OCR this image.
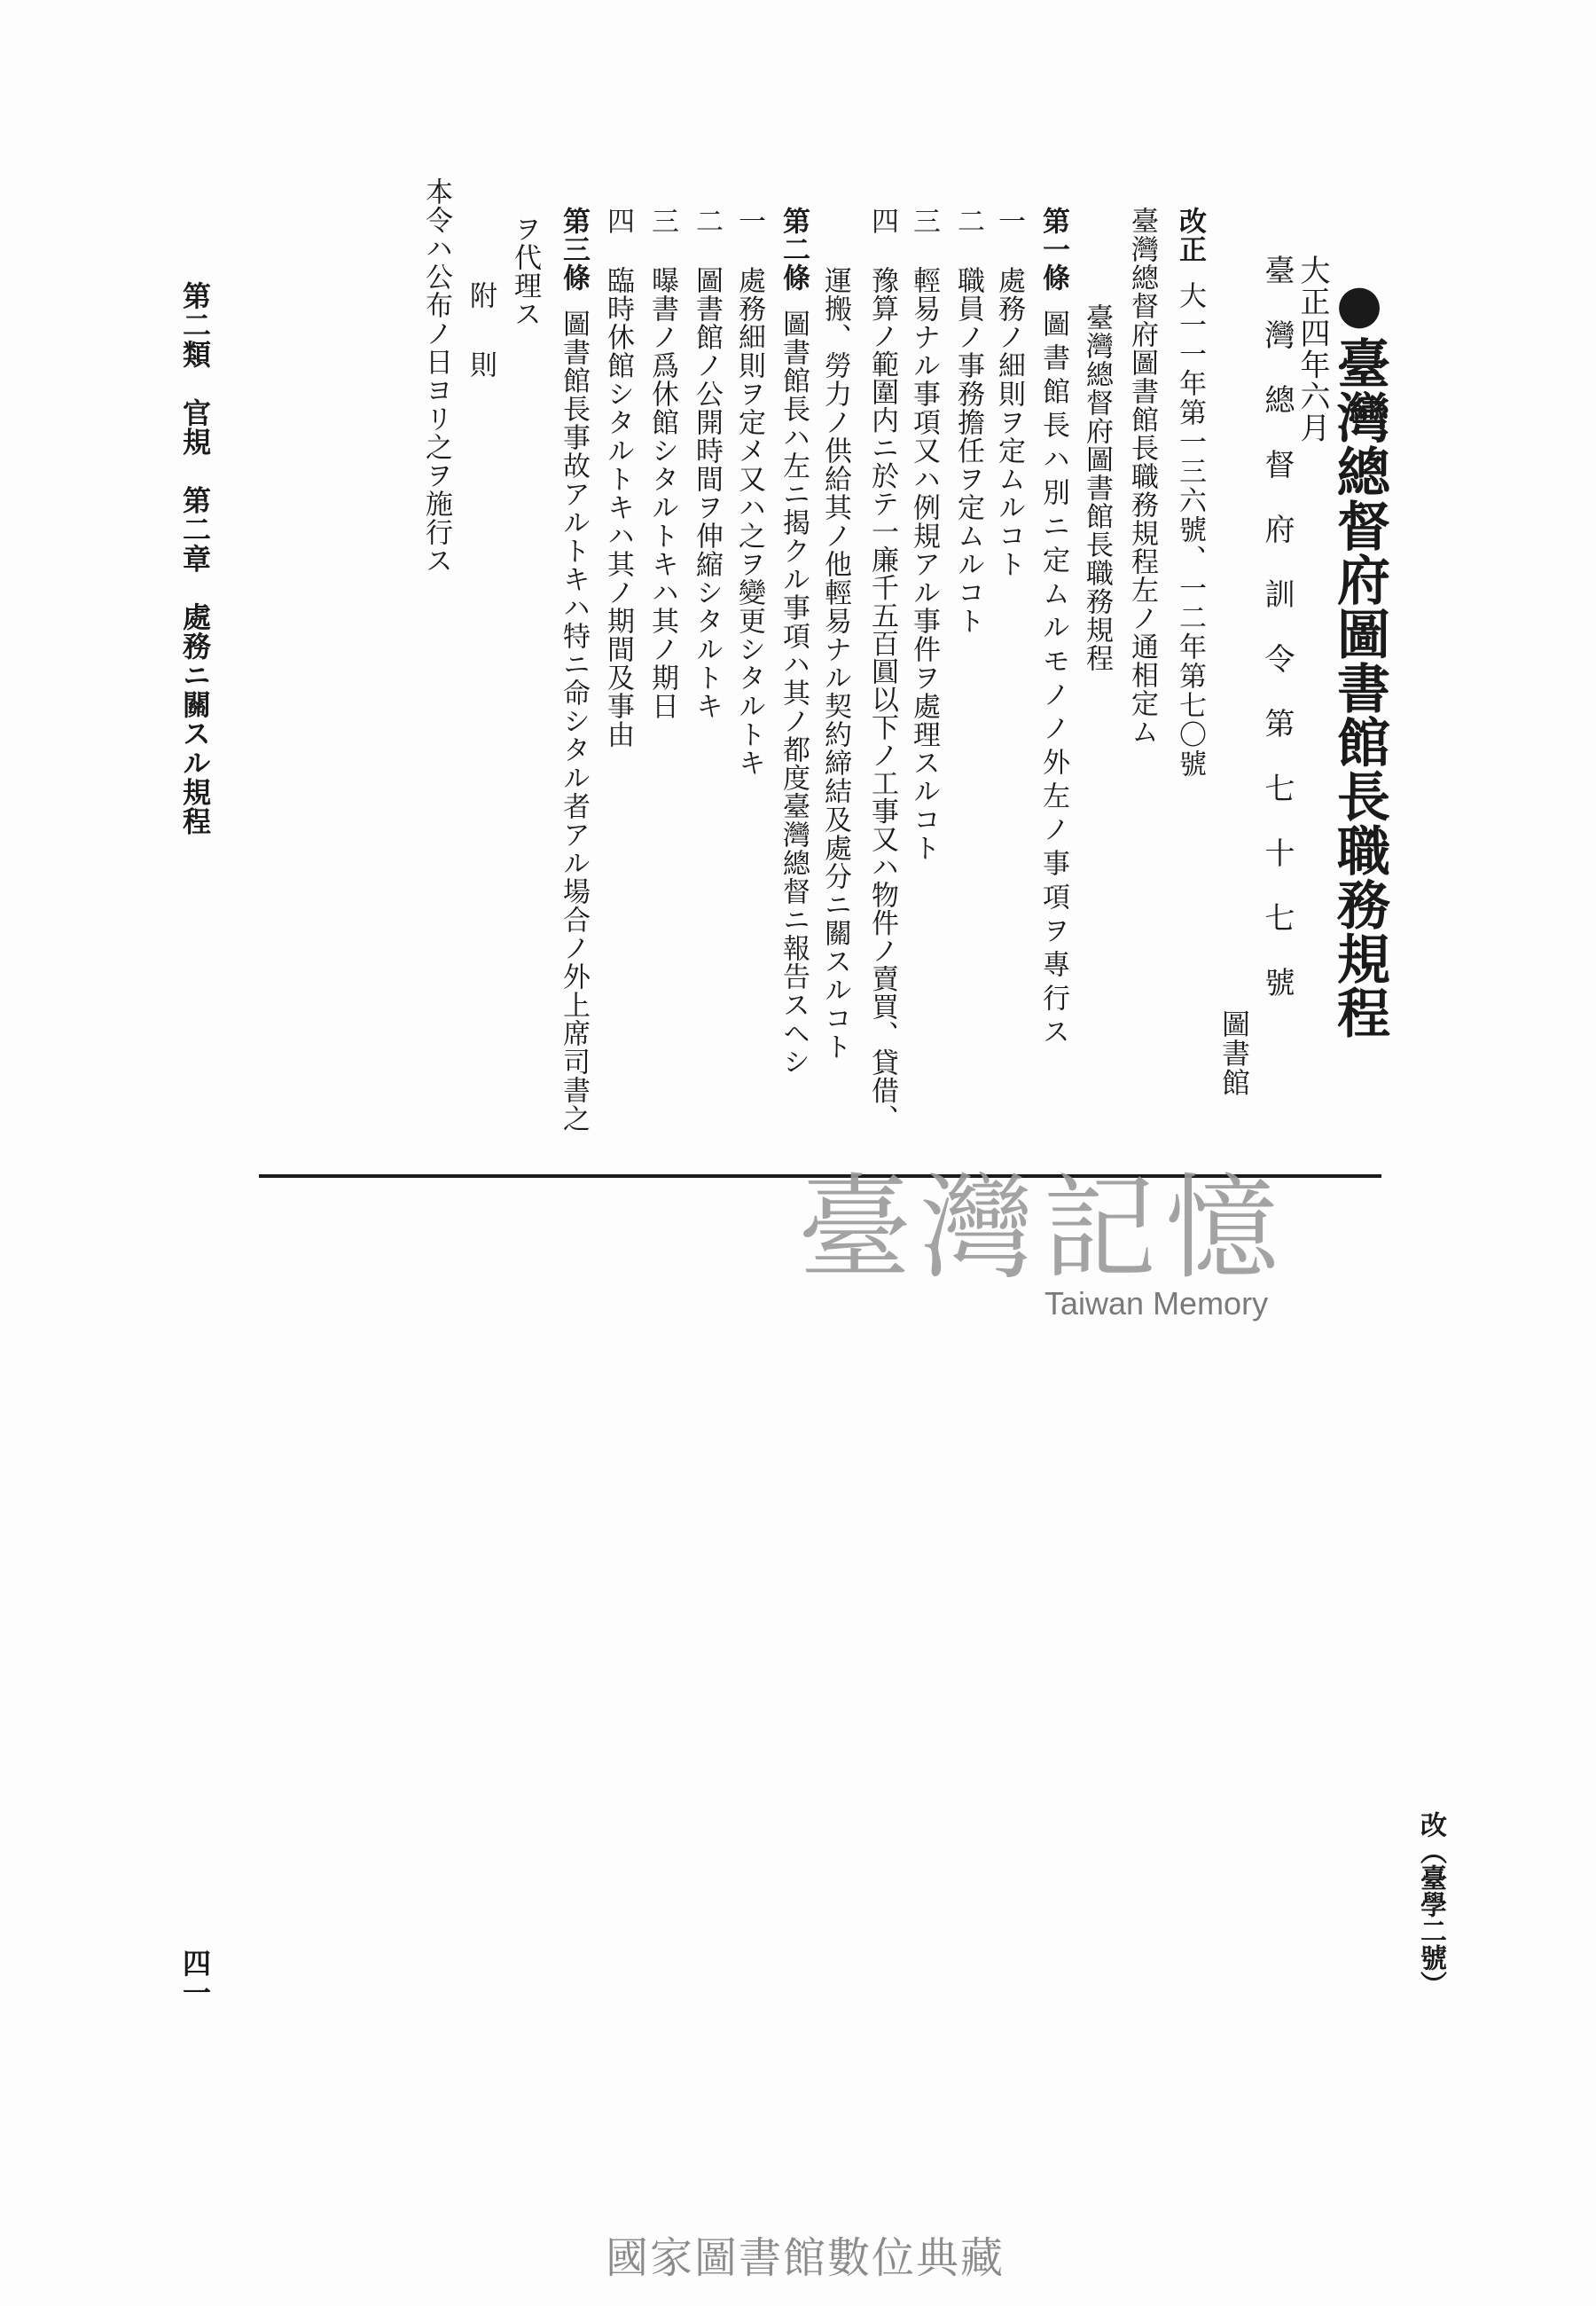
●臺灣總督府圖書館長職務規程
大正四年六月
臺灣總督府訓令第七十七號
圖書館
改正大一一年第一三六號、一二年第七〇號
臺灣總督府圖書館長職務規程左ノ通相定ム
臺灣總督府圖書館長職務規程
第一條圖書館長ハ別ニ定ムルモノノ外左ノ事項ヲ專行ス
一處務ノ細則ヲ定ムルコト
二職員ノ事務擔任ヲ定ムルコト
三輕易ナル事項又ハ例規アル事件ヲ處理スルコト
四豫算ノ範圍内ニ於テ一廉千五百圓以下ノ工事又ハ物件ノ賣買、貸借、
運搬、勞力ノ供給其ノ他輕易ナル契約締結及處分ニ關スルコト
第二條圖書館長ハ左ニ揭クル事項ハ其ノ都度臺灣總督ニ報告スヘシ
一處務細則ヲ定メ又ハ之ヲ變更シタルトキ
二圖書館ノ公開時間ヲ伸縮シタルトキ
三曝書ノ爲休館シタルトキハ其ノ期日
四臨時休館シタルトキハ其ノ期間及事由
第三條圖書館長事故アルトキハ特ニ命シタル者アル場合ノ外上席司書之
ヲ代理ス
附　則
本令ハ公布ノ日ヨリ之ヲ施行ス
第二類　官規　第二章　處務ニ關スル規程
四一	改（臺學二號）
臺灣記憶
Taiwan Memory
國家圖書館數位典藏
